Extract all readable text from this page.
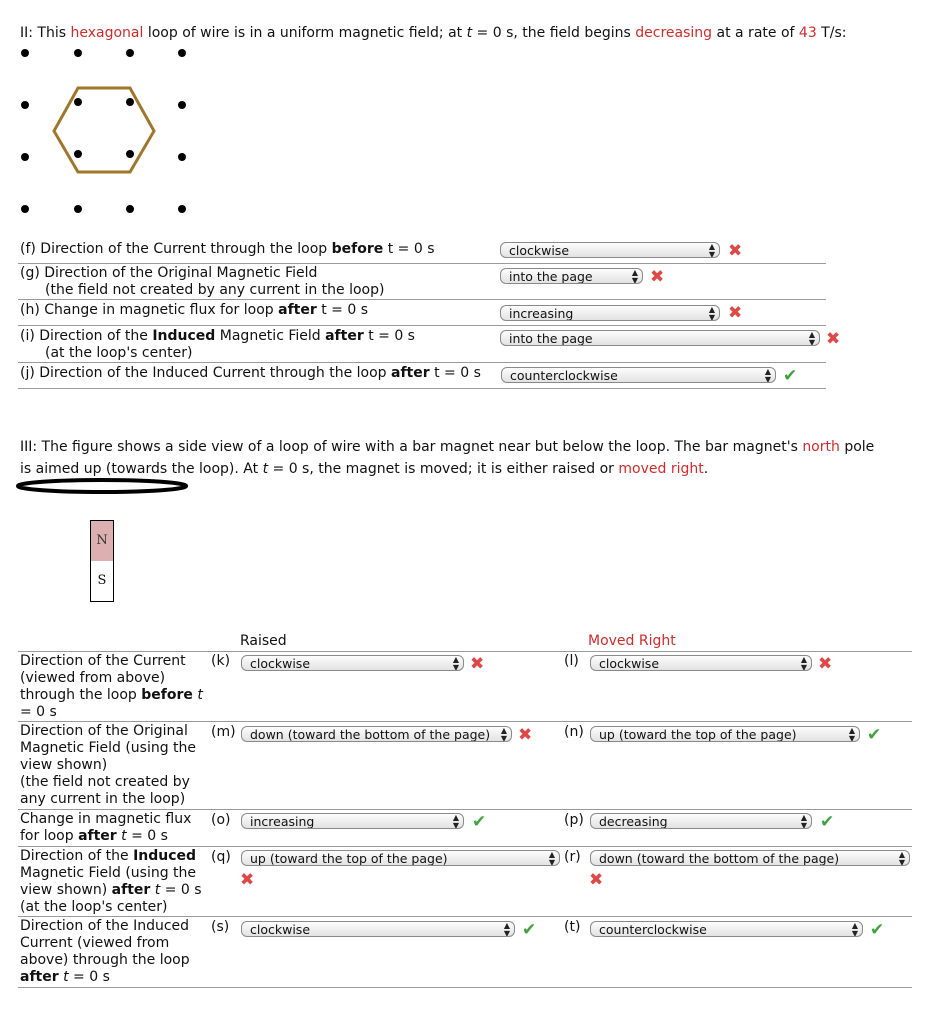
II: This hexagonal loop of wire is in a uniform magnetic field; at t = 0 s, the field begins decreasing at a rate of 43 T/s:
(f) Direction of the Current through the loop before t = 0 s	clockwise	▲
▼ ✖
(g) Direction of the Original Magnetic Field
(the field not created by any current in the loop)
into the page	▲
▼ ✖
(h) Change in magnetic flux for loop after t = 0 s	increasing	▲
▼ ✖
(i) Direction of the Induced Magnetic Field after t = 0 s
(at the loop's center)
into the page	▲
▼ ✖
(j) Direction of the Induced Current through the loop after t = 0 s	counterclockwise	▲
▼ ✔
III: The figure shows a side view of a loop of wire with a bar magnet near but below the loop. The bar magnet's north pole
is aimed up (towards the loop). At t = 0 s, the magnet is moved; it is either raised or moved right.
N
S
Raised	Moved Right
Direction of the Current
(viewed from above)
through the loop before t
= 0 s
(k)	clockwise	▲
▼ ✖	(l)	clockwise	▲
▼ ✖
Direction of the Original
Magnetic Field (using the
view shown)
(the field not created by
any current in the loop)
(m)	down (toward the bottom of the page) ▲
▼ ✖ (n)	up (toward the top of the page)	▲
▼ ✔
Change in magnetic flux
for loop after t = 0 s
(o)	increasing	▲
▼ ✔	(p)	decreasing	▲
▼ ✔
Direction of the Induced
Magnetic Field (using the
view shown) after t = 0 s
(at the loop's center)
(q)	up (toward the top of the page)	▲
▼
✖
(r)	down (toward the bottom of the page)	▲
▼
✖
Direction of the Induced
Current (viewed from
above) through the loop
after t = 0 s
(s)	clockwise	▲
▼ ✔ (t)	counterclockwise	▲
▼ ✔
